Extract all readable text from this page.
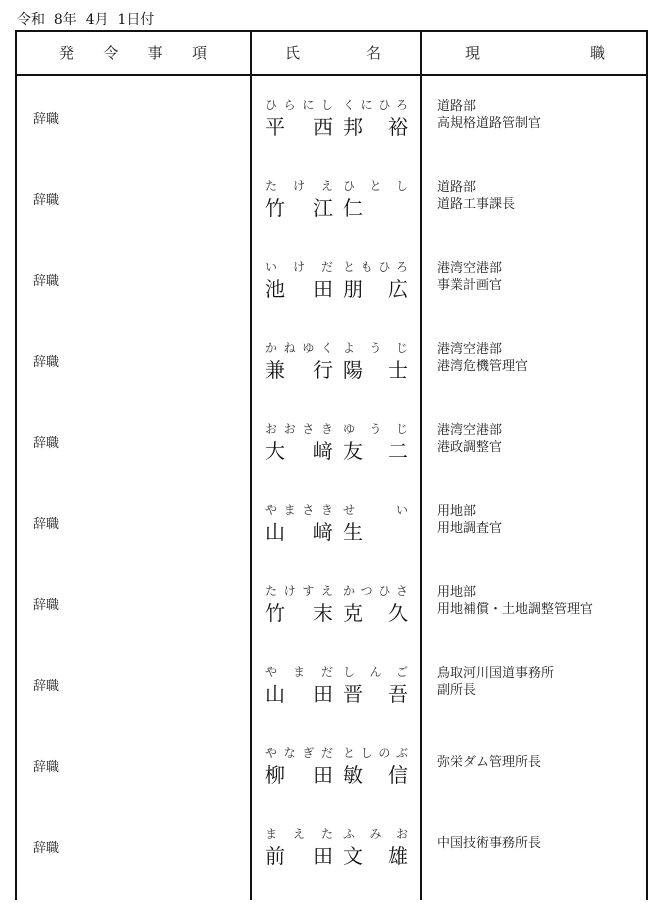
令和  8年  4月  1日付
発令事項	氏名	現職
辞職
ひらにし くにひろ
平西 邦裕
道路部
高規格道路管制官
辞職
たけえ ひとし
竹江 仁
道路部
道路工事課長
辞職
いけだ ともひろ
池田 朋広
港湾空港部
事業計画官
辞職
かねゆく ようじ
兼行 陽士
港湾空港部
港湾危機管理官
辞職
おおさき ゆうじ
大﨑 友二
港湾空港部
港政調整官
辞職
やまさき せい
山﨑 生
用地部
用地調査官
辞職
たけすえ かつひさ
竹末 克久
用地部
用地補償・土地調整管理官
辞職
やまだ しんご
山田 晋吾
鳥取河川国道事務所
副所長
辞職
やなぎだ としのぶ
柳田 敏信
弥栄ダム管理所長
辞職
まえた ふみお
前田 文雄
中国技術事務所長
